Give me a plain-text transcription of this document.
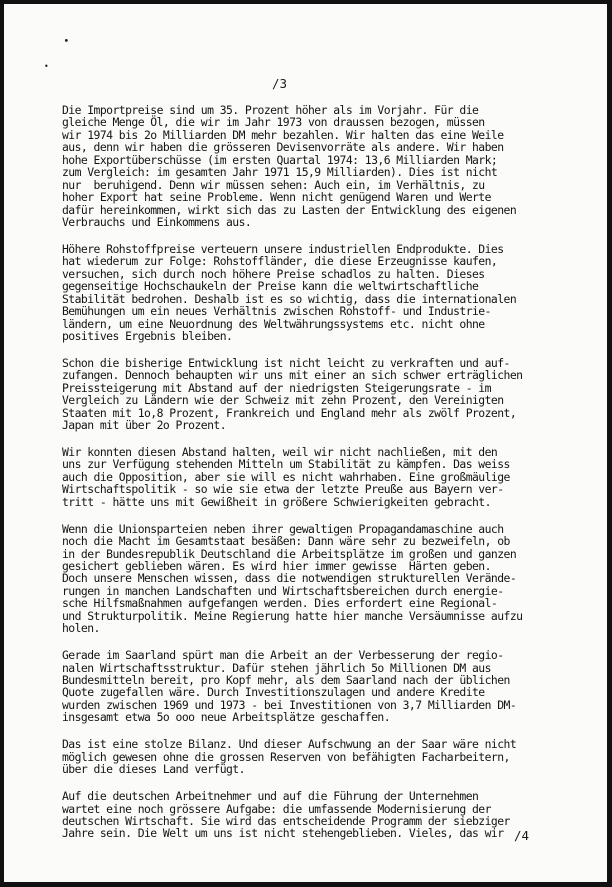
•
•
/3
Die Importpreise sind um 35. Prozent höher als im Vorjahr. Für die
gleiche Menge Öl, die wir im Jahr 1973 von draussen bezogen, müssen
wir 1974 bis 2o Milliarden DM mehr bezahlen. Wir halten das eine Weile
aus, denn wir haben die grösseren Devisenvorräte als andere. Wir haben
hohe Exportüberschüsse (im ersten Quartal 1974: 13,6 Milliarden Mark;
zum Vergleich: im gesamten Jahr 1971 15,9 Milliarden). Dies ist nicht
nur  beruhigend. Denn wir müssen sehen: Auch ein, im Verhältnis, zu
hoher Export hat seine Probleme. Wenn nicht genügend Waren und Werte
dafür hereinkommen, wirkt sich das zu Lasten der Entwicklung des eigenen
Verbrauchs und Einkommens aus.
Höhere Rohstoffpreise verteuern unsere industriellen Endprodukte. Dies
hat wiederum zur Folge: Rohstoffländer, die diese Erzeugnisse kaufen,
versuchen, sich durch noch höhere Preise schadlos zu halten. Dieses
gegenseitige Hochschaukeln der Preise kann die weltwirtschaftliche
Stabilität bedrohen. Deshalb ist es so wichtig, dass die internationalen
Bemühungen um ein neues Verhältnis zwischen Rohstoff- und Industrie-
ländern, um eine Neuordnung des Weltwährungssystems etc. nicht ohne
positives Ergebnis bleiben.
Schon die bisherige Entwicklung ist nicht leicht zu verkraften und auf-
zufangen. Dennoch behaupten wir uns mit einer an sich schwer erträglichen
Preissteigerung mit Abstand auf der niedrigsten Steigerungsrate - im
Vergleich zu Ländern wie der Schweiz mit zehn Prozent, den Vereinigten
Staaten mit 1o,8 Prozent, Frankreich und England mehr als zwölf Prozent,
Japan mit über 2o Prozent.
Wir konnten diesen Abstand halten, weil wir nicht nachließen, mit den
uns zur Verfügung stehenden Mitteln um Stabilität zu kämpfen. Das weiss
auch die Opposition, aber sie will es nicht wahrhaben. Eine großmäulige
Wirtschaftspolitik - so wie sie etwa der letzte Preuße aus Bayern ver-
tritt - hätte uns mit Gewißheit in größere Schwierigkeiten gebracht.
Wenn die Unionsparteien neben ihrer gewaltigen Propagandamaschine auch
noch die Macht im Gesamtstaat besäßen: Dann wäre sehr zu bezweifeln, ob
in der Bundesrepublik Deutschland die Arbeitsplätze im großen und ganzen
gesichert geblieben wären. Es wird hier immer gewisse  Härten geben.
Doch unsere Menschen wissen, dass die notwendigen strukturellen Verände-
rungen in manchen Landschaften und Wirtschaftsbereichen durch energie-
sche Hilfsmaßnahmen aufgefangen werden. Dies erfordert eine Regional-
und Strukturpolitik. Meine Regierung hatte hier manche Versäumnisse aufzu
holen.
Gerade im Saarland spürt man die Arbeit an der Verbesserung der regio-
nalen Wirtschaftsstruktur. Dafür stehen jährlich 5o Millionen DM aus
Bundesmitteln bereit, pro Kopf mehr, als dem Saarland nach der üblichen
Quote zugefallen wäre. Durch Investitionszulagen und andere Kredite
wurden zwischen 1969 und 1973 - bei Investitionen von 3,7 Milliarden DM-
insgesamt etwa 5o ooo neue Arbeitsplätze geschaffen.
Das ist eine stolze Bilanz. Und dieser Aufschwung an der Saar wäre nicht
möglich gewesen ohne die grossen Reserven von befähigten Facharbeitern,
über die dieses Land verfügt.
Auf die deutschen Arbeitnehmer und auf die Führung der Unternehmen
wartet eine noch grössere Aufgabe: die umfassende Modernisierung der
deutschen Wirtschaft. Sie wird das entscheidende Programm der siebziger
Jahre sein. Die Welt um uns ist nicht stehengeblieben. Vieles, das wir /4
